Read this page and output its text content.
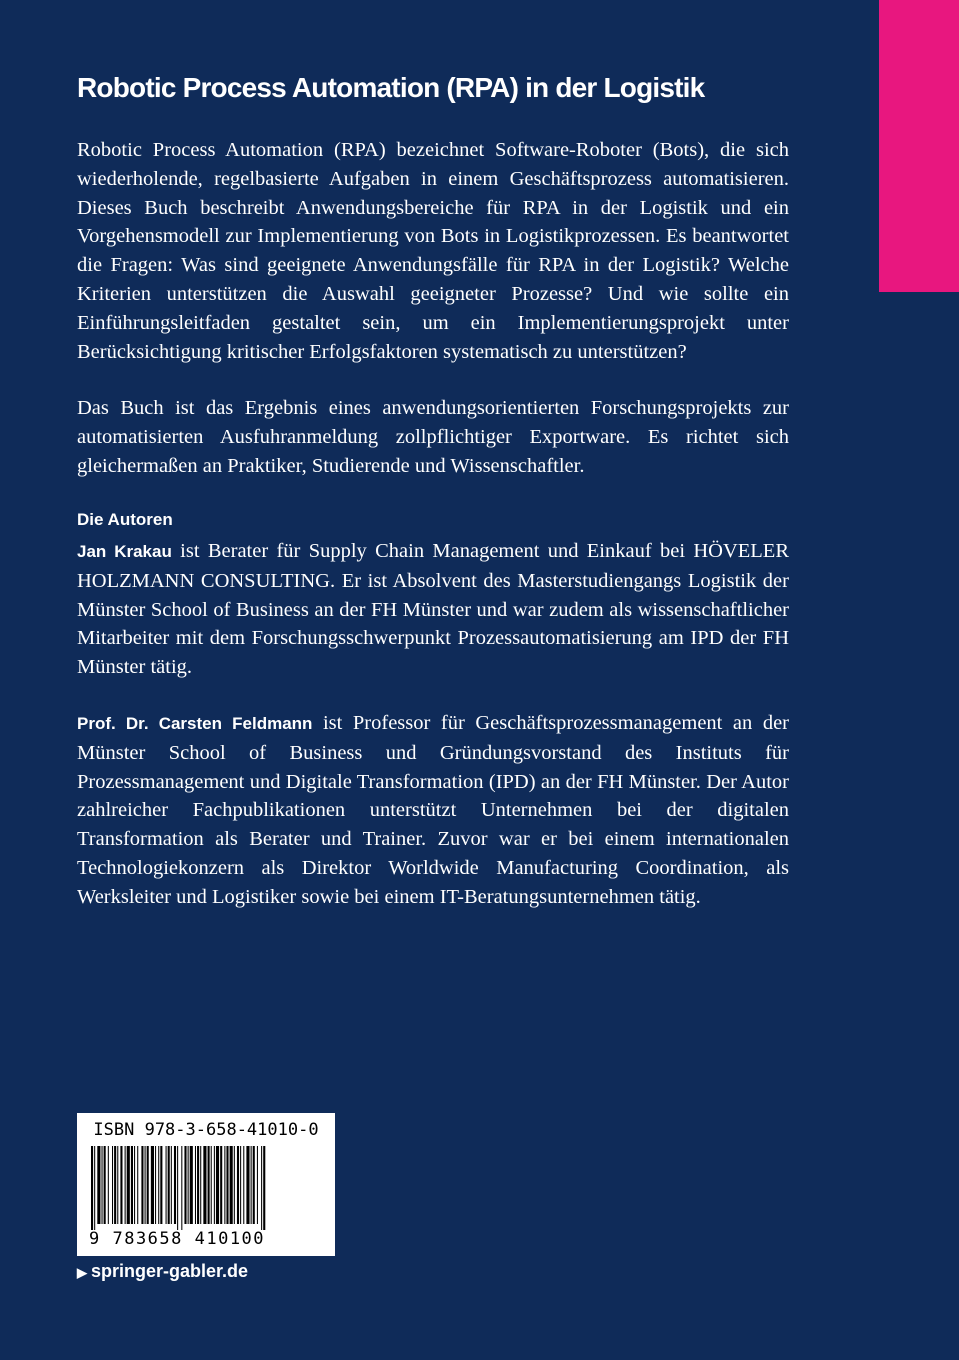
Robotic Process Automation (RPA) in der Logistik

Robotic Process Automation (RPA) bezeichnet Software-Roboter (Bots), die sich wiederholende, regelbasierte Aufgaben in einem Geschäftsprozess automatisieren. Dieses Buch beschreibt Anwendungsbereiche für RPA in der Logistik und ein Vorgehensmodell zur Implementierung von Bots in Logistikprozessen. Es beantwortet die Fragen: Was sind geeignete Anwendungsfälle für RPA in der Logistik? Welche Kriterien unterstützen die Auswahl geeigneter Prozesse? Und wie sollte ein Einführungsleitfaden gestaltet sein, um ein Implementierungsprojekt unter Berücksichtigung kritischer Erfolgsfaktoren systematisch zu unterstützen?

Das Buch ist das Ergebnis eines anwendungsorientierten Forschungsprojekts zur automatisierten Ausfuhranmeldung zollpflichtiger Exportware. Es richtet sich gleichermaßen an Praktiker, Studierende und Wissenschaftler.

Die Autoren

Jan Krakau ist Berater für Supply Chain Management und Einkauf bei HÖVELER HOLZMANN CONSULTING. Er ist Absolvent des Masterstudiengangs Logistik der Münster School of Business an der FH Münster und war zudem als wissenschaftlicher Mitarbeiter mit dem Forschungsschwerpunkt Prozessautomatisierung am IPD der FH Münster tätig.

Prof. Dr. Carsten Feldmann ist Professor für Geschäftsprozessmanagement an der Münster School of Business und Gründungsvorstand des Instituts für Prozessmanagement und Digitale Transformation (IPD) an der FH Münster. Der Autor zahlreicher Fachpublikationen unterstützt Unternehmen bei der digitalen Transformation als Berater und Trainer. Zuvor war er bei einem internationalen Technologiekonzern als Direktor Worldwide Manufacturing Coordination, als Werksleiter und Logistiker sowie bei einem IT-Beratungsunternehmen tätig.

ISBN 978-3-658-41010-0
9 783658 410100
▶ springer-gabler.de
